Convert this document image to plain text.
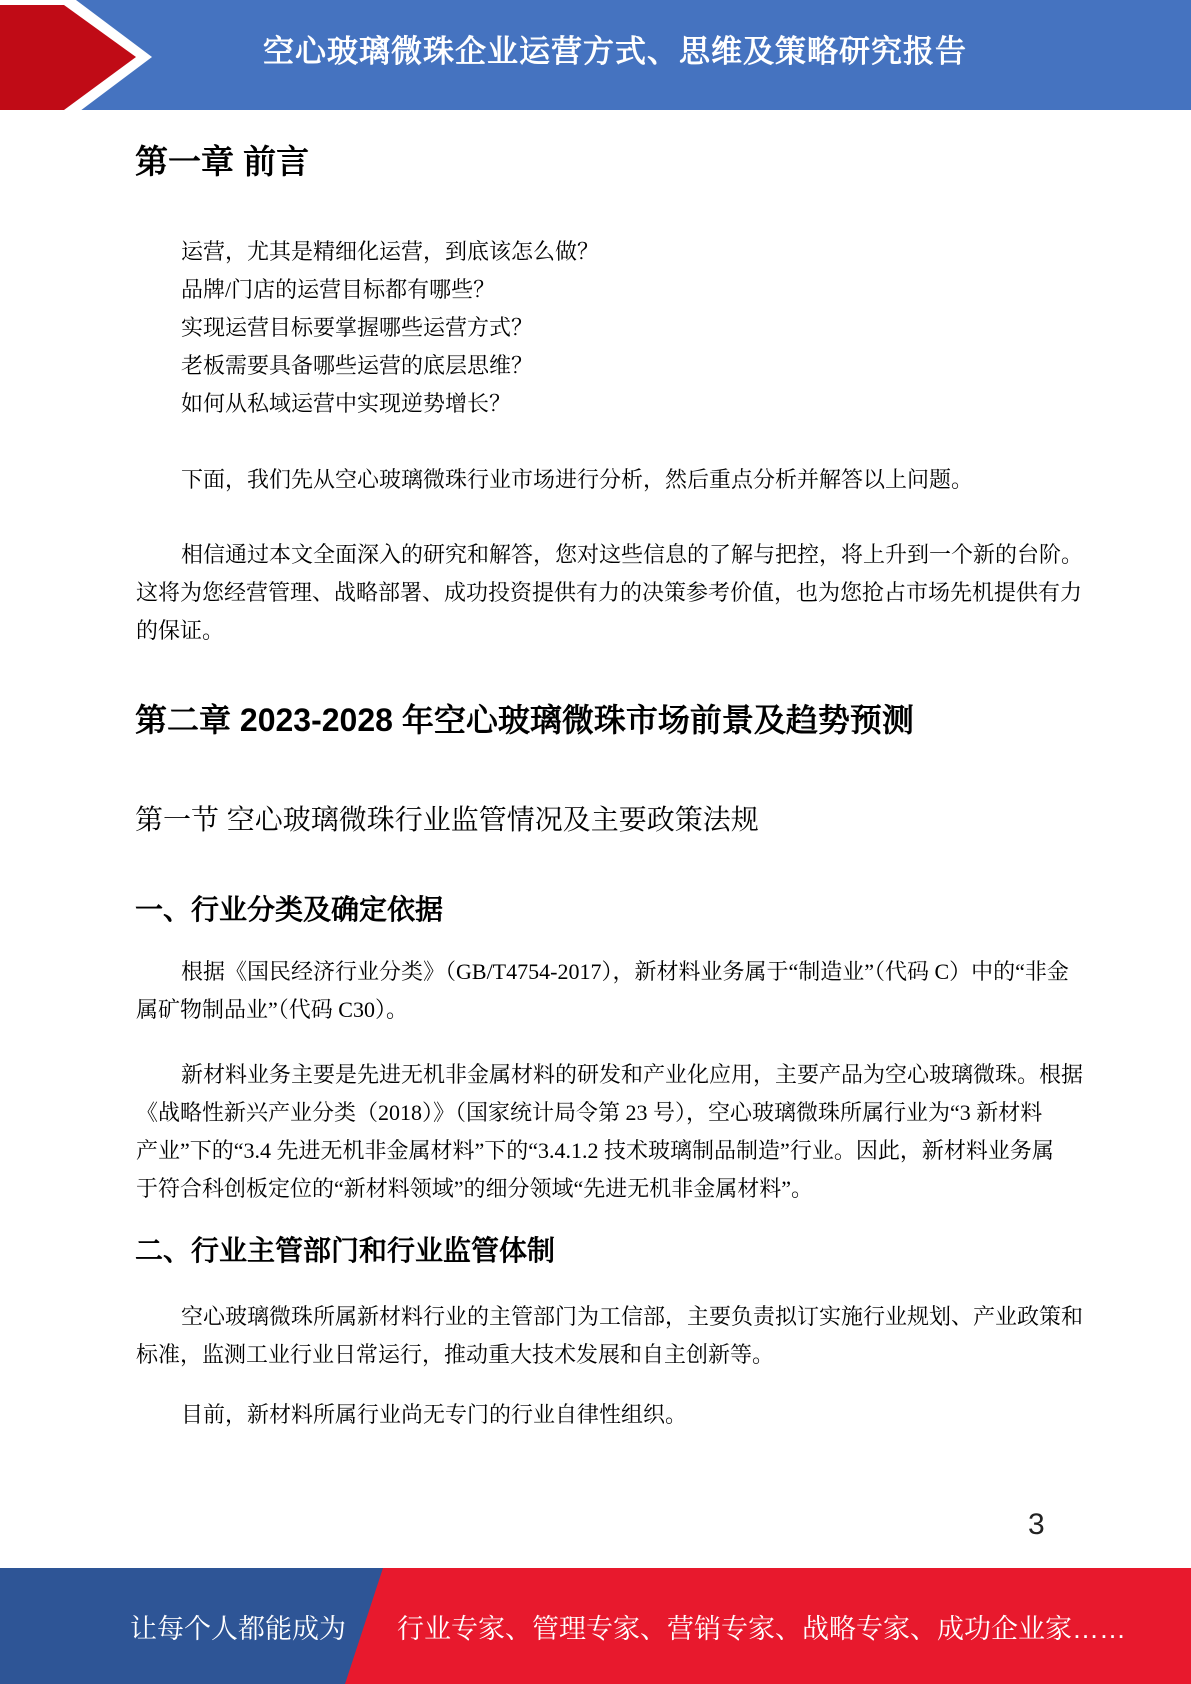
空心玻璃微珠企业运营方式、思维及策略研究报告
第一章 前言
运营，尤其是精细化运营，到底该怎么做？
品牌/门店的运营目标都有哪些？
实现运营目标要掌握哪些运营方式？
老板需要具备哪些运营的底层思维？
如何从私域运营中实现逆势增长？
下面，我们先从空心玻璃微珠行业市场进行分析，然后重点分析并解答以上问题。
相信通过本文全面深入的研究和解答，您对这些信息的了解与把控，将上升到一个新的台阶。
这将为您经营管理、战略部署、成功投资提供有力的决策参考价值，也为您抢占市场先机提供有力
的保证。
第二章 2023-2028 年空心玻璃微珠市场前景及趋势预测
第一节 空心玻璃微珠行业监管情况及主要政策法规
一、行业分类及确定依据
根据《国民经济行业分类》（GB/T4754-2017），新材料业务属于“制造业”（代码 C）中的“非金
属矿物制品业”（代码 C30）。
新材料业务主要是先进无机非金属材料的研发和产业化应用，主要产品为空心玻璃微珠。根据
《战略性新兴产业分类（2018）》（国家统计局令第 23 号），空心玻璃微珠所属行业为“3 新材料
产业”下的“3.4 先进无机非金属材料”下的“3.4.1.2 技术玻璃制品制造”行业。因此，新材料业务属
于符合科创板定位的“新材料领域”的细分领域“先进无机非金属材料”。
二、行业主管部门和行业监管体制
空心玻璃微珠所属新材料行业的主管部门为工信部，主要负责拟订实施行业规划、产业政策和
标准，监测工业行业日常运行，推动重大技术发展和自主创新等。
目前，新材料所属行业尚无专门的行业自律性组织。
3
让每个人都能成为 行业专家、管理专家、营销专家、战略专家、成功企业家……
